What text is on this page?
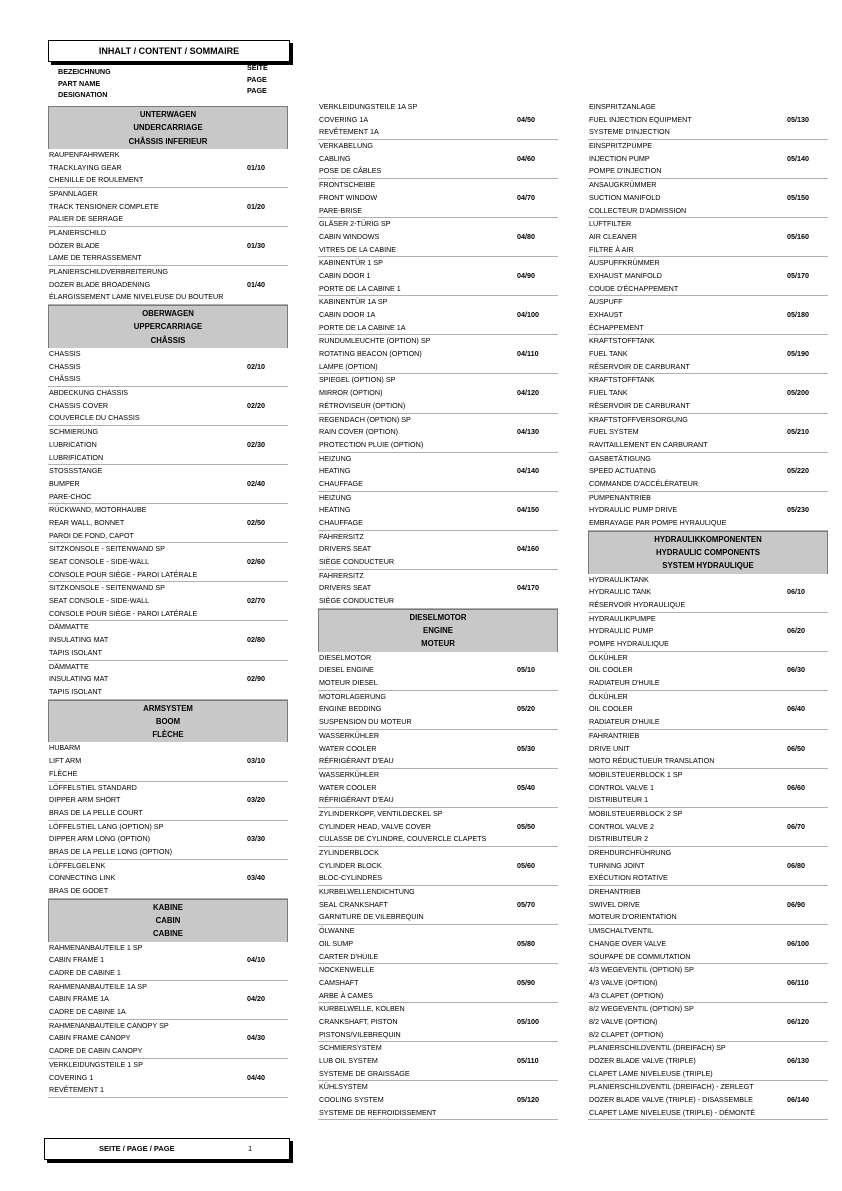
INHALT / CONTENT / SOMMAIRE
BEZEICHNUNG	SEITE
PART NAME	PAGE
DESIGNATION	PAGE
UNTERWAGEN
UNDERCARRIAGE
CHÂSSIS INFERIEUR
RAUPENFAHRWERK
TRACKLAYING GEAR	01/10
CHENILLE DE ROULEMENT
SPANNLAGER
TRACK TENSIONER COMPLETE	01/20
PALIER DE SERRAGE
PLANIERSCHILD
DOZER BLADE	01/30
LAME DE TERRASSEMENT
PLANIERSCHILDVERBREITERUNG
DOZER BLADE BROADENING	01/40
ÉLARGISSEMENT LAME NIVELEUSE DU BOUTEUR
OBERWAGEN
UPPERCARRIAGE
CHÂSSIS
CHASSIS
CHASSIS	02/10
CHÂSSIS
ABDECKUNG CHASSIS
CHASSIS COVER	02/20
COUVERCLE DU CHASSIS
SCHMIERUNG
LUBRICATION	02/30
LUBRIFICATION
STOSSSTANGE
BUMPER	02/40
PARE-CHOC
RÜCKWAND, MOTORHAUBE
REAR WALL, BONNET	02/50
PAROI DE FOND, CAPOT
SITZKONSOLE - SEITENWAND SP
SEAT CONSOLE - SIDE-WALL	02/60
CONSOLE POUR SIÈGE - PAROI LATÉRALE
SITZKONSOLE - SEITENWAND SP
SEAT CONSOLE - SIDE-WALL	02/70
CONSOLE POUR SIÈGE - PAROI LATÉRALE
DÄMMATTE
INSULATING MAT	02/80
TAPIS ISOLANT
DÄMMATTE
INSULATING MAT	02/90
TAPIS ISOLANT
ARMSYSTEM
BOOM
FLÈCHE
HUBARM
LIFT ARM	03/10
FLÈCHE
LÖFFELSTIEL STANDARD
DIPPER ARM SHORT	03/20
BRAS DE LA PELLE COURT
LÖFFELSTIEL LANG (OPTION) SP
DIPPER ARM LONG (OPTION)	03/30
BRAS DE LA PELLE LONG (OPTION)
LÖFFELGELENK
CONNECTING LINK	03/40
BRAS DE GODET
KABINE
CABIN
CABINE
RAHMENANBAUTEILE 1 SP
CABIN FRAME 1	04/10
CADRE DE CABINE 1
RAHMENANBAUTEILE 1A SP
CABIN FRAME 1A	04/20
CADRE DE CABINE 1A
RAHMENANBAUTEILE CANOPY SP
CABIN FRAME CANOPY	04/30
CADRE DE CABIN CANOPY
VERKLEIDUNGSTEILE 1 SP
COVERING 1	04/40
REVÊTEMENT 1
VERKLEIDUNGSTEILE 1A SP
COVERING 1A	04/50
REVÊTEMENT 1A
VERKABELUNG
CABLING	04/60
POSE DE CÂBLES
FRONTSCHEIBE
FRONT WINDOW	04/70
PARE-BRISE
GLÄSER 2-TÜRIG SP
CABIN WINDOWS	04/80
VITRES DE LA CABINE
KABINENTÜR 1 SP
CABIN DOOR 1	04/90
PORTE DE LA CABINE 1
KABINENTÜR 1A SP
CABIN DOOR 1A	04/100
PORTE DE LA CABINE 1A
RUNDUMLEUCHTE (OPTION) SP
ROTATING BEACON (OPTION)	04/110
LAMPE (OPTION)
SPIEGEL (OPTION) SP
MIRROR (OPTION)	04/120
RÉTROVISEUR (OPTION)
REGENDACH (OPTION) SP
RAIN COVER (OPTION)	04/130
PROTECTION PLUIE (OPTION)
HEIZUNG
HEATING	04/140
CHAUFFAGE
HEIZUNG
HEATING	04/150
CHAUFFAGE
FAHRERSITZ
DRIVERS SEAT	04/160
SIÈGE CONDUCTEUR
FAHRERSITZ
DRIVERS SEAT	04/170
SIÈGE CONDUCTEUR
DIESELMOTOR
ENGINE
MOTEUR
DIESELMOTOR
DIESEL ENGINE	05/10
MOTEUR DIESEL
MOTORLAGERUNG
ENGINE BEDDING	05/20
SUSPENSION DU MOTEUR
WASSERKÜHLER
WATER COOLER	05/30
RÉFRIGÉRANT D'EAU
WASSERKÜHLER
WATER COOLER	05/40
RÉFRIGÉRANT D'EAU
ZYLINDERKOPF, VENTILDECKEL SP
CYLINDER HEAD, VALVE COVER	05/50
CULASSE DE CYLINDRE, COUVERCLE CLAPETS
ZYLINDERBLOCK
CYLINDER BLOCK	05/60
BLOC-CYLINDRES
KURBELWELLENDICHTUNG
SEAL CRANKSHAFT	05/70
GARNITURE DE VILEBREQUIN
ÖLWANNE
OIL SUMP	05/80
CARTER D'HUILE
NOCKENWELLE
CAMSHAFT	05/90
ARBE À CAMES
KURBELWELLE, KOLBEN
CRANKSHAFT, PISTON	05/100
PISTONS/VILEBREQUIN
SCHMIERSYSTEM
LUB OIL SYSTEM	05/110
SYSTEME DE GRAISSAGE
KÜHLSYSTEM
COOLING SYSTEM	05/120
SYSTEME DE REFROIDISSEMENT
EINSPRITZANLAGE
FUEL INJECTION EQUIPMENT	05/130
SYSTEME D'INJECTION
EINSPRITZPUMPE
INJECTION PUMP	05/140
POMPE D'INJECTION
ANSAUGKRÜMMER
SUCTION MANIFOLD	05/150
COLLECTEUR D'ADMISSION
LUFTFILTER
AIR CLEANER	05/160
FILTRE À AIR
AUSPUFFKRÜMMER
EXHAUST MANIFOLD	05/170
COUDE D'ÉCHAPPEMENT
AUSPUFF
EXHAUST	05/180
ÉCHAPPEMENT
KRAFTSTOFFTANK
FUEL TANK	05/190
RÉSERVOIR DE CARBURANT
KRAFTSTOFFTANK
FUEL TANK	05/200
RÉSERVOIR DE CARBURANT
KRAFTSTOFFVERSORGUNG
FUEL SYSTEM	05/210
RAVITAILLEMENT EN CARBURANT
GASBETÄTIGUNG
SPEED ACTUATING	05/220
COMMANDE D'ACCÉLÉRATEUR
PUMPENANTRIEB
HYDRAULIC PUMP DRIVE	05/230
EMBRAYAGE PAR POMPE HYRAULIQUE
HYDRAULIKKOMPONENTEN
HYDRAULIC COMPONENTS
SYSTEM HYDRAULIQUE
HYDRAULIKTANK
HYDRAULIC TANK	06/10
RÉSERVOIR HYDRAULIQUE
HYDRAULIKPUMPE
HYDRAULIC PUMP	06/20
POMPE HYDRAULIQUE
ÖLKÜHLER
OIL COOLER	06/30
RADIATEUR D'HUILE
ÖLKÜHLER
OIL COOLER	06/40
RADIATEUR D'HUILE
FAHRANTRIEB
DRIVE UNIT	06/50
MOTO RÉDUCTUEUR TRANSLATION
MOBILSTEUERBLOCK 1 SP
CONTROL VALVE 1	06/60
DISTRIBUTEUR 1
MOBILSTEUERBLOCK 2 SP
CONTROL VALVE 2	06/70
DISTRIBUTEUR 2
DREHDURCHFÜHRUNG
TURNING JOINT	06/80
EXÉCUTION ROTATIVE
DREHANTRIEB
SWIVEL DRIVE	06/90
MOTEUR D'ORIENTATION
UMSCHALTVENTIL
CHANGE OVER VALVE	06/100
SOUPAPE DE COMMUTATION
4/3 WEGEVENTIL (OPTION) SP
4/3 VALVE (OPTION)	06/110
4/3 CLAPET (OPTION)
8/2 WEGEVENTIL (OPTION) SP
8/2 VALVE (OPTION)	06/120
8/2 CLAPET (OPTION)
PLANIERSCHILDVENTIL (DREIFACH) SP
DOZER BLADE VALVE (TRIPLE)	06/130
CLAPET LAME NIVELEUSE (TRIPLE)
PLANIERSCHILDVENTIL (DREIFACH) - ZERLEGT
DOZER BLADE VALVE (TRIPLE) - DISASSEMBLE	06/140
CLAPET LAME NIVELEUSE (TRIPLE) - DÉMONTÉ
SEITE / PAGE / PAGE	1
